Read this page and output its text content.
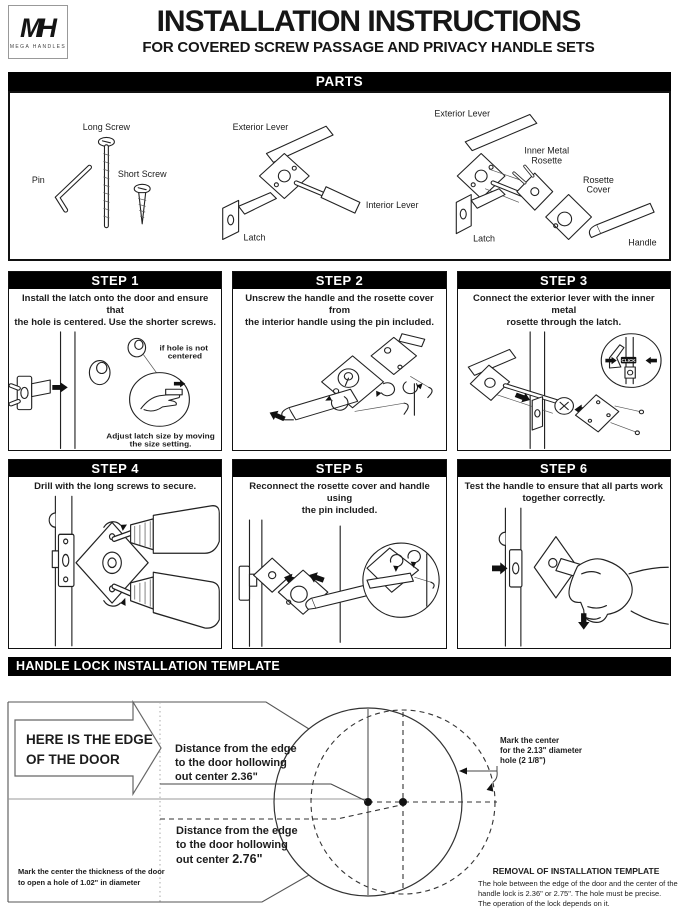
MH
MEGA HANDLES
INSTALLATION INSTRUCTIONS
FOR COVERED SCREW PASSAGE AND PRIVACY HANDLE SETS
PARTS
Pin
Long Screw
Short Screw
Exterior Lever
Interior Lever
Latch
Exterior Lever
Latch
Inner Metal
Rosette
Rosette
Cover
Handle
STEP 1
Install the latch onto the door and ensure that
the hole is centered. Use the shorter screws.
if hole is not
centered
Adjust latch size by moving
the size setting.
STEP 2
Unscrew the handle and the rosette cover from
the interior handle using the pin included.
STEP 3
Connect the exterior lever with the inner metal
rosette through the latch.
CLICK
STEP 4
Drill with the long screws to secure.
STEP 5
Reconnect the rosette cover and handle using
the pin included.
STEP 6
Test the handle to ensure that all parts work
together correctly.
HANDLE LOCK INSTALLATION TEMPLATE
HERE IS THE EDGE
OF THE DOOR
Distance from the edge
to the door hollowing
out center 2.36"
Distance from the edge
to the door hollowing
out center 2.76"
Mark the center
for the 2.13" diameter
hole (2 1/8")
Mark the center the thickness of the door
to open a hole of 1.02" in diameter
REMOVAL OF INSTALLATION TEMPLATE
The hole between the edge of the door and the center of the
handle lock is 2.36" or 2.75". The hole must be precise.
The operation of the lock depends on it.
